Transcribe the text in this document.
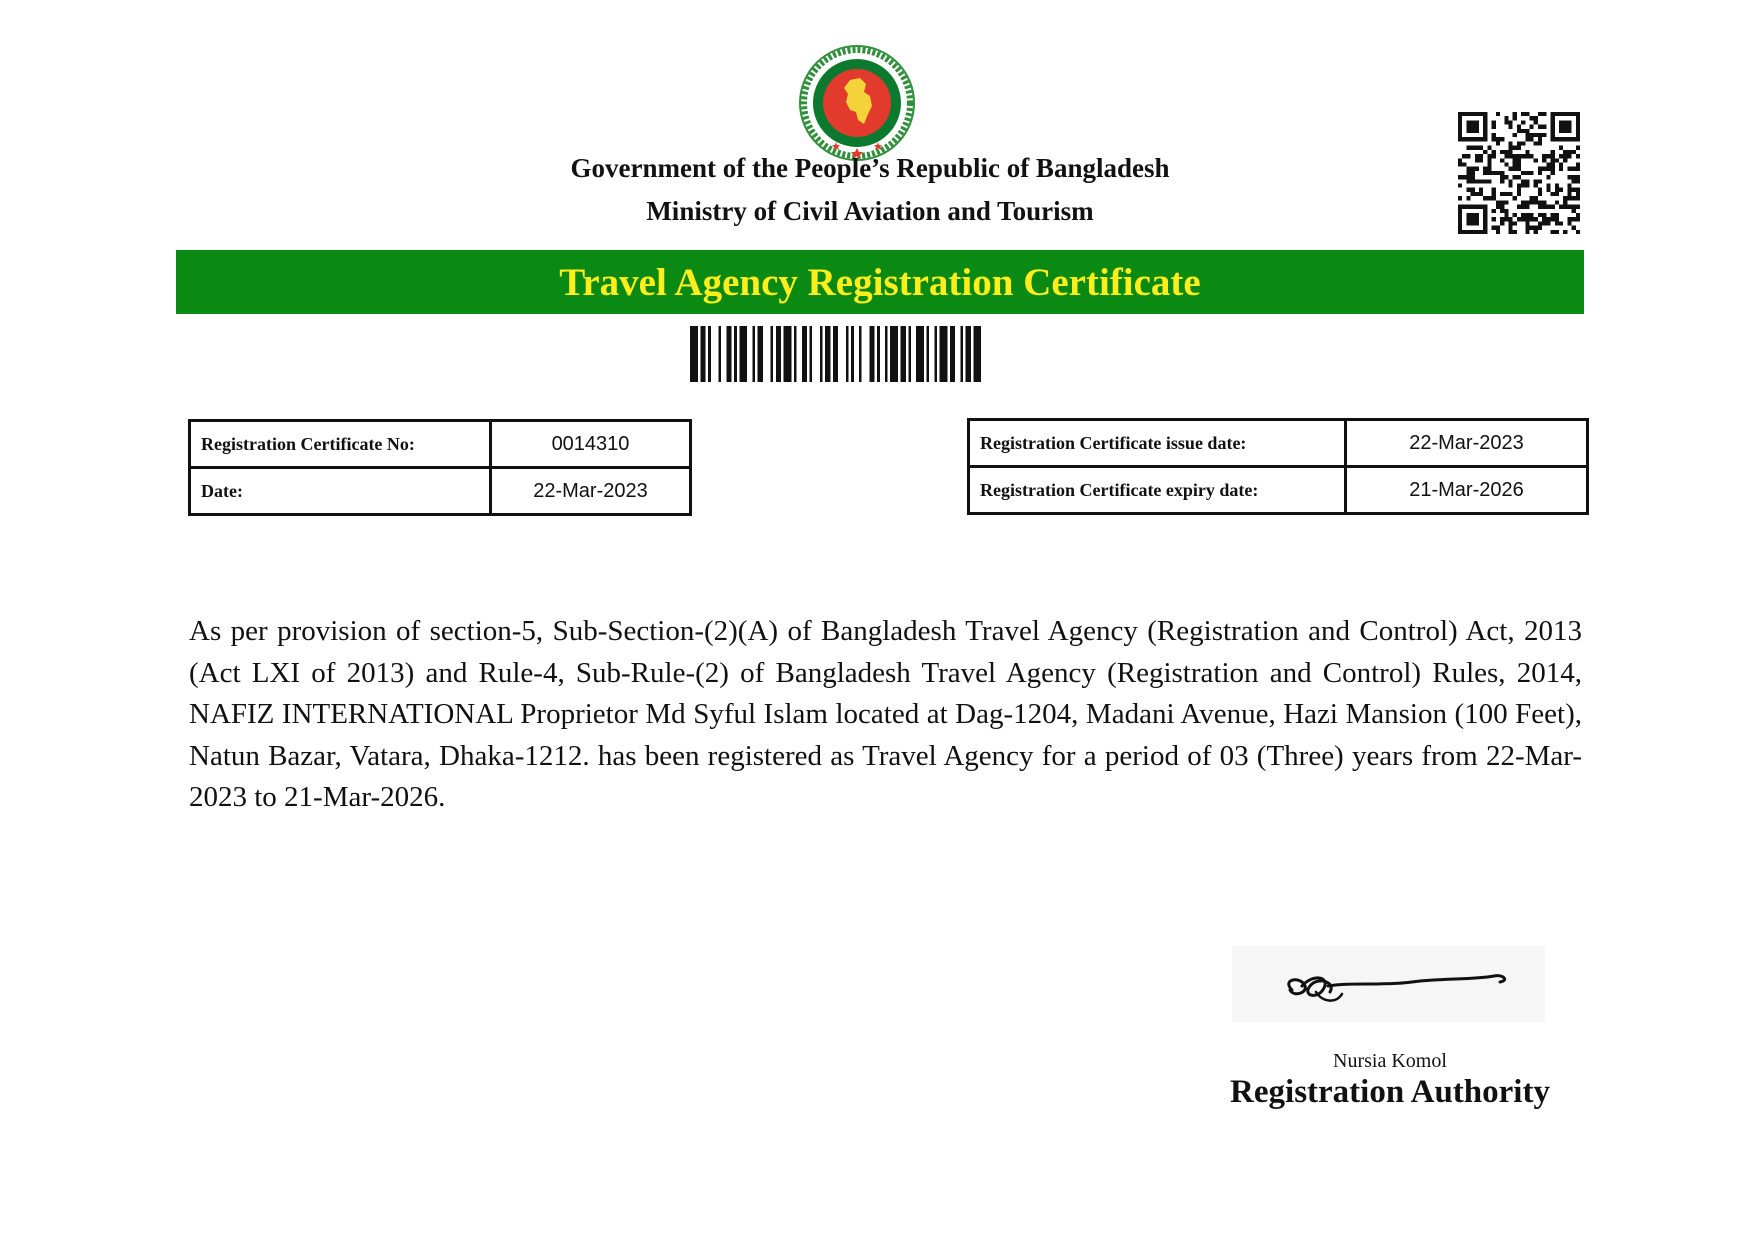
Government of the People’s Republic of Bangladesh
Ministry of Civil Aviation and Tourism
Travel Agency Registration Certificate
Registration Certificate No:	0014310
Date:	22-Mar-2023
Registration Certificate issue date:	22-Mar-2023
Registration Certificate expiry date:	21-Mar-2026

As per provision of section-5, Sub-Section-(2)(A) of Bangladesh Travel Agency (Registration and Control) Act, 2013 (Act LXI of 2013) and Rule-4, Sub-Rule-(2) of Bangladesh Travel Agency (Registration and Control) Rules, 2014, NAFIZ INTERNATIONAL Proprietor Md Syful Islam located at Dag-1204, Madani Avenue, Hazi Mansion (100 Feet), Natun Bazar, Vatara, Dhaka-1212. has been registered as Travel Agency for a period of 03 (Three) years from 22-Mar-2023 to 21-Mar-2026.

Nursia Komol
Registration Authority
